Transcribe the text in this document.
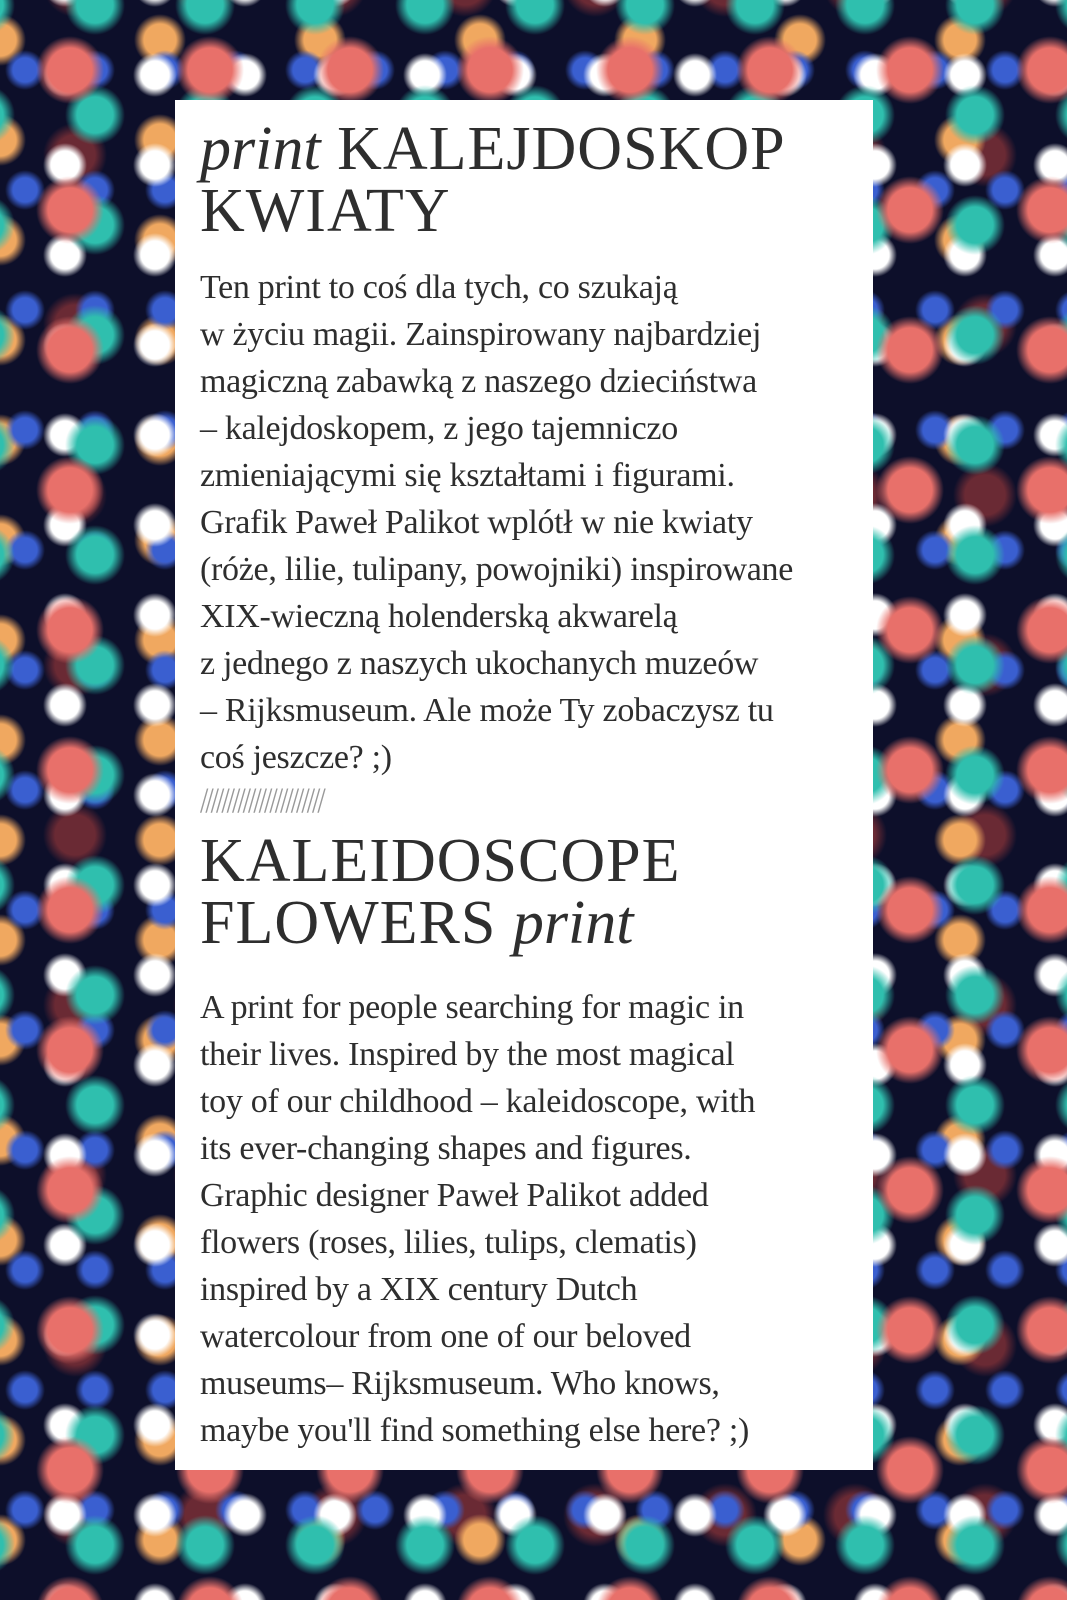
print KALEJDOSKOP
KWIATY
Ten print to coś dla tych, co szukają
w życiu magii. Zainspirowany najbardziej
magiczną zabawką z naszego dzieciństwa
– kalejdoskopem, z jego tajemniczo
zmieniającymi się kształtami i figurami.
Grafik Paweł Palikot wplótł w nie kwiaty
(róże, lilie, tulipany, powojniki) inspirowane
XIX-wieczną holenderską akwarelą
z jednego z naszych ukochanych muzeów
– Rijksmuseum. Ale może Ty zobaczysz tu
coś jeszcze? ;)
///////////////////////
KALEIDOSCOPE
FLOWERS print
A print for people searching for magic in
their lives. Inspired by the most magical
toy of our childhood – kaleidoscope, with
its ever-changing shapes and figures.
Graphic designer Paweł Palikot added
flowers (roses, lilies, tulips, clematis)
inspired by a XIX century Dutch
watercolour from one of our beloved
museums– Rijksmuseum. Who knows,
maybe you'll find something else here? ;)
